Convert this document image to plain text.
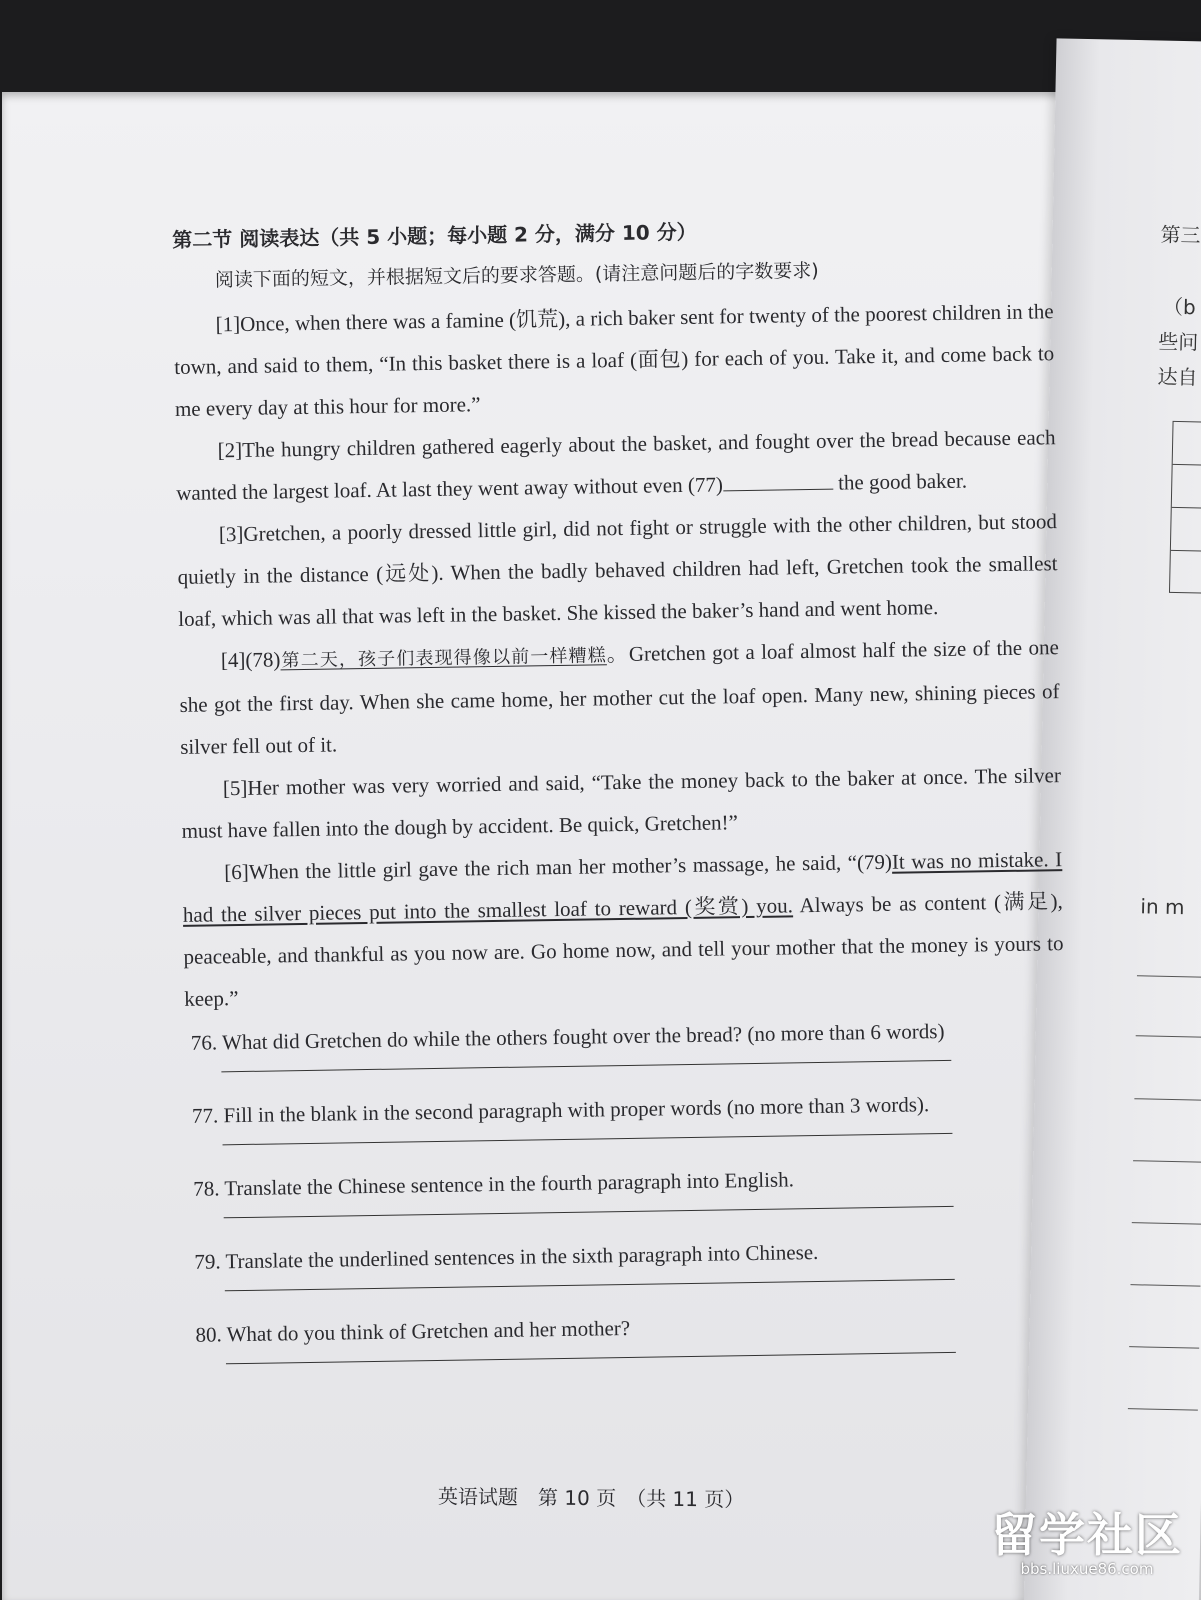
第三
（b
些问
达自
in m

第二节 阅读表达（共 5 小题；每小题 2 分，满分 10 分）

阅读下面的短文，并根据短文后的要求答题。(请注意问题后的字数要求)

[1]Once, when there was a famine (饥荒), a rich baker sent for twenty of the poorest children in the town, and said to them, “In this basket there is a loaf (面包) for each of you. Take it, and come back to me every day at this hour for more.”

[2]The hungry children gathered eagerly about the basket, and fought over the bread because each wanted the largest loaf. At last they went away without even (77)	the good baker.

[3]Gretchen, a poorly dressed little girl, did not fight or struggle with the other children, but stood quietly in the distance (远处). When the badly behaved children had left, Gretchen took the smallest loaf, which was all that was left in the basket. She kissed the baker’s hand and went home.

[4](78)第二天，孩子们表现得像以前一样糟糕。Gretchen got a loaf almost half the size of the one she got the first day. When she came home, her mother cut the loaf open. Many new, shining pieces of silver fell out of it.

[5]Her mother was very worried and said, “Take the money back to the baker at once. The silver must have fallen into the dough by accident. Be quick, Gretchen!”

[6]When the little girl gave the rich man her mother’s massage, he said, “(79)It was no mistake. I had the silver pieces put into the smallest loaf to reward (奖赏) you. Always be as content (满足), peaceable, and thankful as you now are. Go home now, and tell your mother that the money is yours to keep.”

76. What did Gretchen do while the others fought over the bread? (no more than 6 words)

77. Fill in the blank in the second paragraph with proper words (no more than 3 words).

78. Translate the Chinese sentence in the fourth paragraph into English.

79. Translate the underlined sentences in the sixth paragraph into Chinese.

80. What do you think of Gretchen and her mother?

英语试题　第 10 页　（共 11 页）
留学社区
bbs.liuxue86.com
